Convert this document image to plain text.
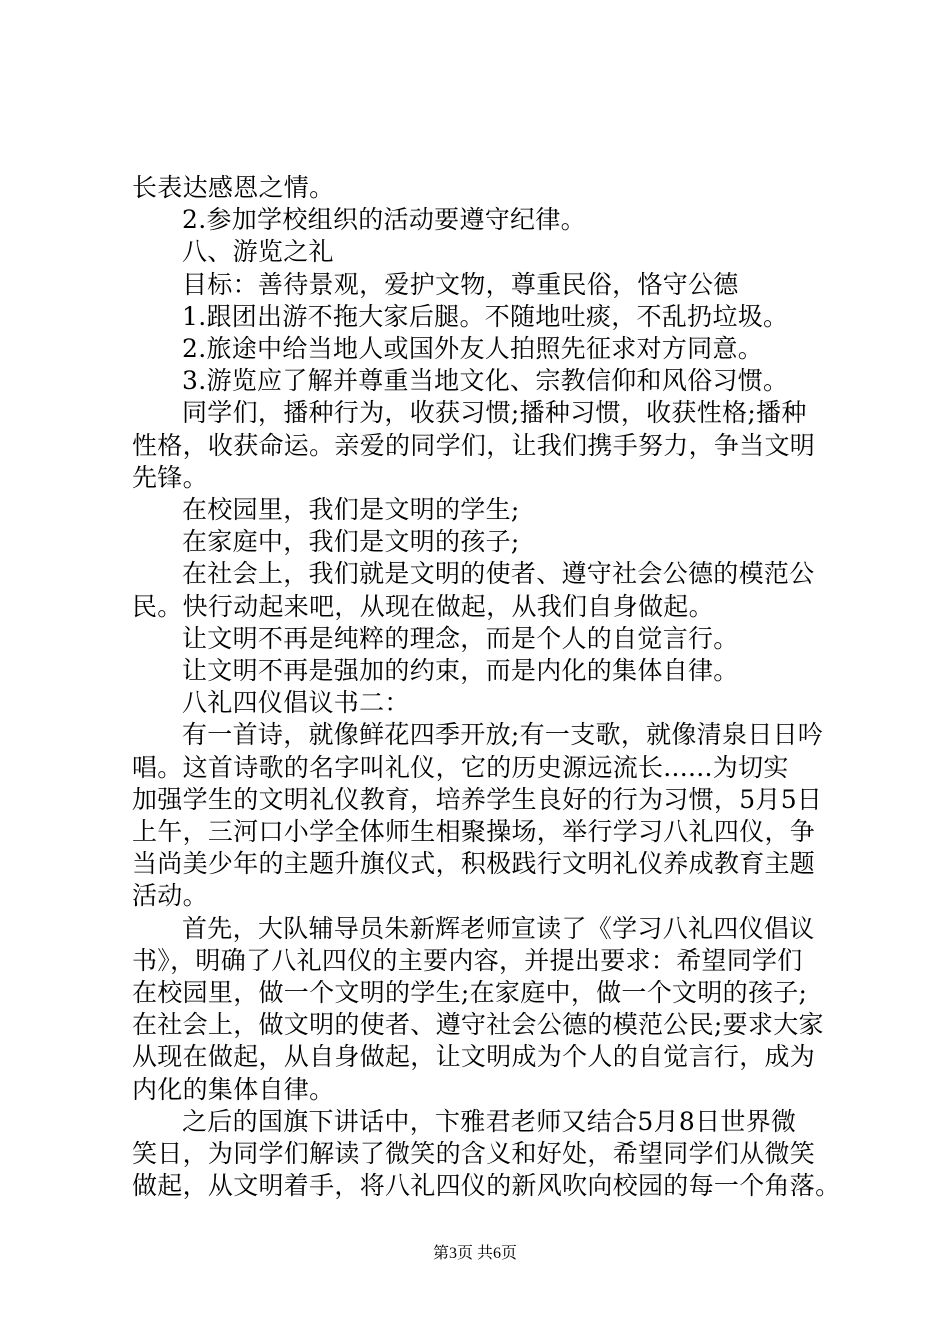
长表达感恩之情。

2.参加学校组织的活动要遵守纪律。

八、游览之礼

目标：善待景观，爱护文物，尊重民俗，恪守公德

1.跟团出游不拖大家后腿。不随地吐痰，不乱扔垃圾。

2.旅途中给当地人或国外友人拍照先征求对方同意。

3.游览应了解并尊重当地文化、宗教信仰和风俗习惯。

同学们，播种行为，收获习惯;播种习惯，收获性格;播种

性格，收获命运。亲爱的同学们，让我们携手努力，争当文明

先锋。

在校园里，我们是文明的学生;

在家庭中，我们是文明的孩子;

在社会上，我们就是文明的使者、遵守社会公德的模范公

民。快行动起来吧，从现在做起，从我们自身做起。

让文明不再是纯粹的理念，而是个人的自觉言行。

让文明不再是强加的约束，而是内化的集体自律。

八礼四仪倡议书二：

有一首诗，就像鲜花四季开放;有一支歌，就像清泉日日吟

唱。这首诗歌的名字叫礼仪，它的历史源远流长......为切实

加强学生的文明礼仪教育，培养学生良好的行为习惯，5月5日

上午，三河口小学全体师生相聚操场，举行学习八礼四仪，争

当尚美少年的主题升旗仪式，积极践行文明礼仪养成教育主题

活动。

首先，大队辅导员朱新辉老师宣读了《学习八礼四仪倡议

书》，明确了八礼四仪的主要内容，并提出要求：希望同学们

在校园里，做一个文明的学生;在家庭中，做一个文明的孩子;

在社会上，做文明的使者、遵守社会公德的模范公民;要求大家

从现在做起，从自身做起，让文明成为个人的自觉言行，成为

内化的集体自律。

之后的国旗下讲话中，卞雅君老师又结合5月8日世界微

笑日，为同学们解读了微笑的含义和好处，希望同学们从微笑

做起，从文明着手，将八礼四仪的新风吹向校园的每一个角落。

第3页 共6页
